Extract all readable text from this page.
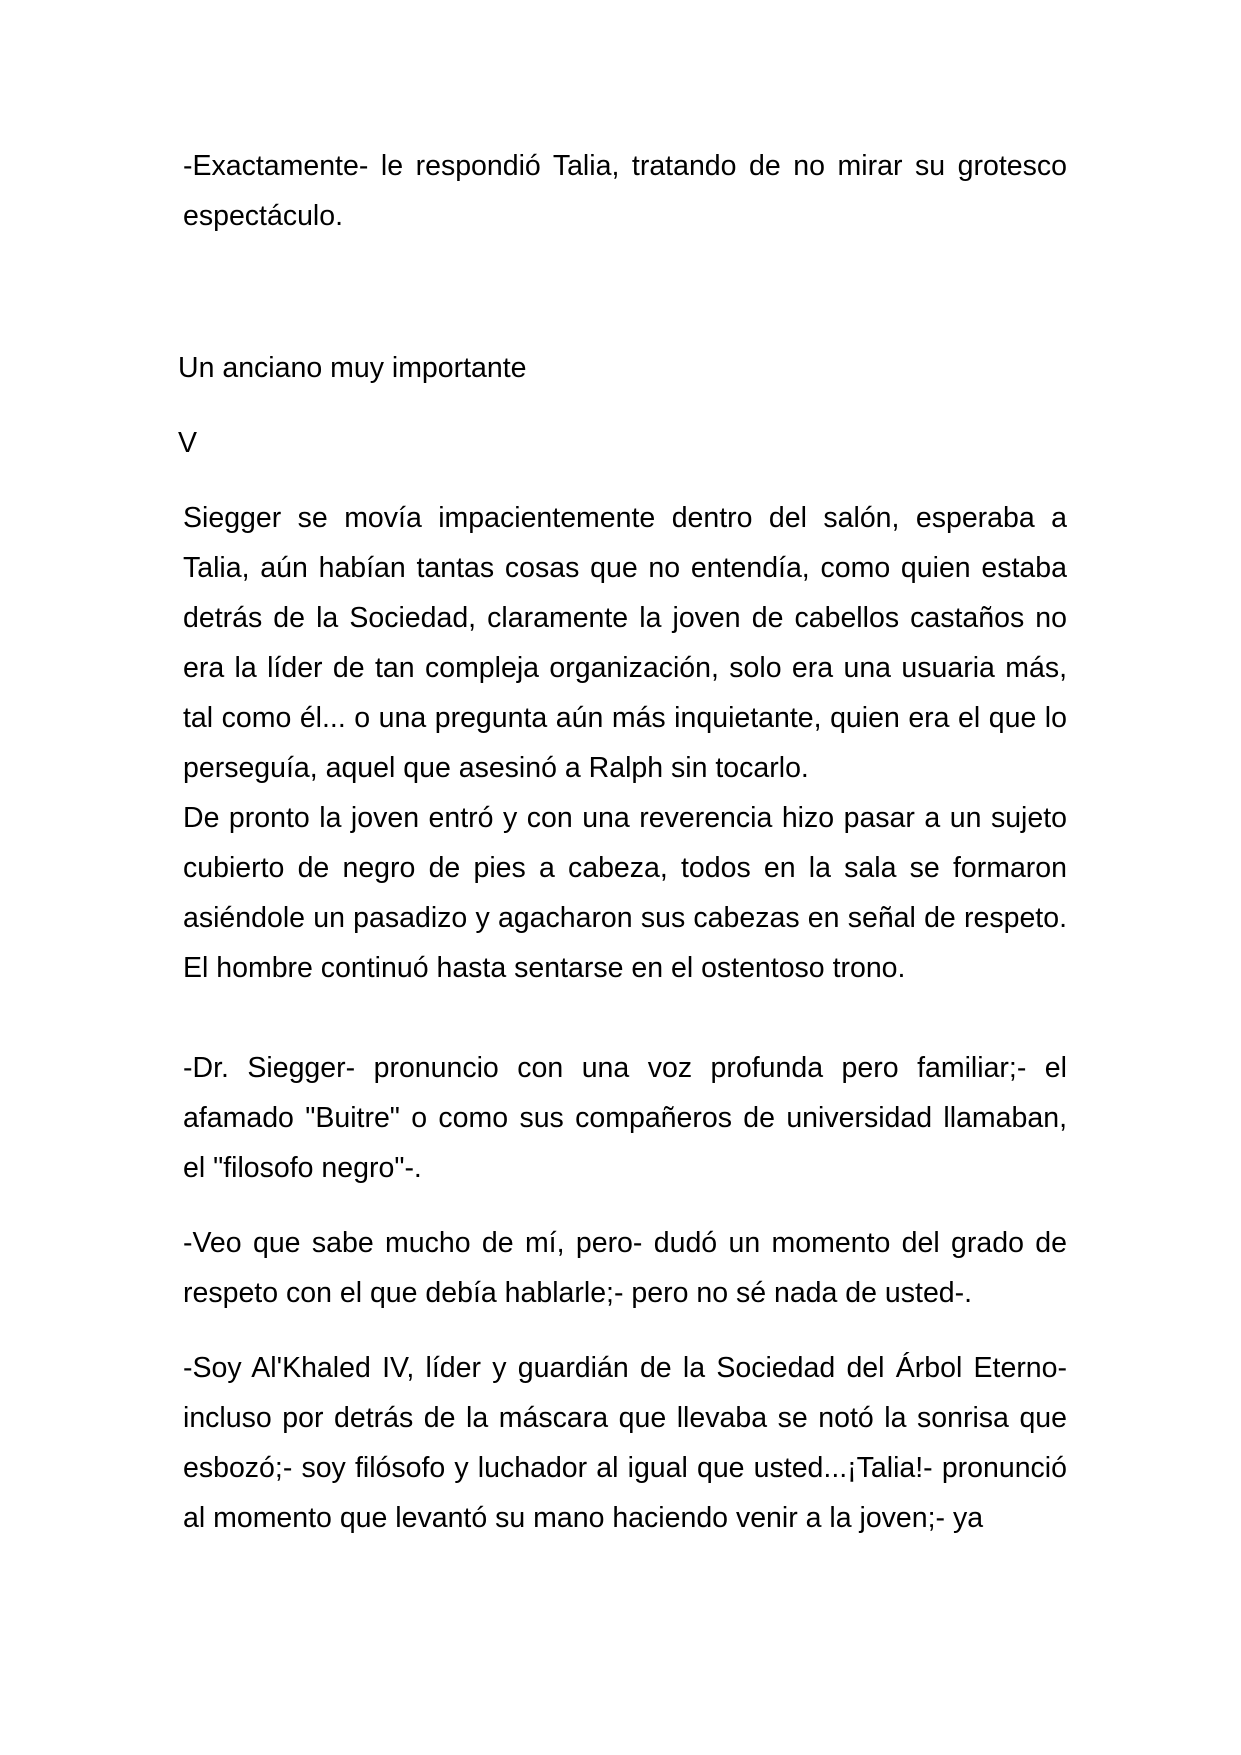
-Exactamente- le respondió Talia, tratando de no mirar su grotesco espectáculo.

Un anciano muy importante
V

Siegger se movía impacientemente dentro del salón, esperaba a Talia, aún habían tantas cosas que no entendía, como quien estaba detrás de la Sociedad, claramente la joven de cabellos castaños no era la líder de tan compleja organización, solo era una usuaria más, tal como él... o una pregunta aún más inquietante, quien era el que lo perseguía, aquel que asesinó a Ralph sin tocarlo.

De pronto la joven entró y con una reverencia hizo pasar a un sujeto cubierto de negro de pies a cabeza, todos en la sala se formaron asiéndole un pasadizo y agacharon sus cabezas en señal de respeto. El hombre continuó hasta sentarse en el ostentoso trono.

-Dr. Siegger- pronuncio con una voz profunda pero familiar;- el afamado "Buitre" o como sus compañeros de universidad llamaban, el "filosofo negro"-.

-Veo que sabe mucho de mí, pero- dudó un momento del grado de respeto con el que debía hablarle;- pero no sé nada de usted-.

-Soy Al'Khaled IV, líder y guardián de la Sociedad del Árbol Eterno- incluso por detrás de la máscara que llevaba se notó la sonrisa que esbozó;- soy filósofo y luchador al igual que usted...¡Talia!- pronunció al momento que levantó su mano haciendo venir a la joven;- ya
